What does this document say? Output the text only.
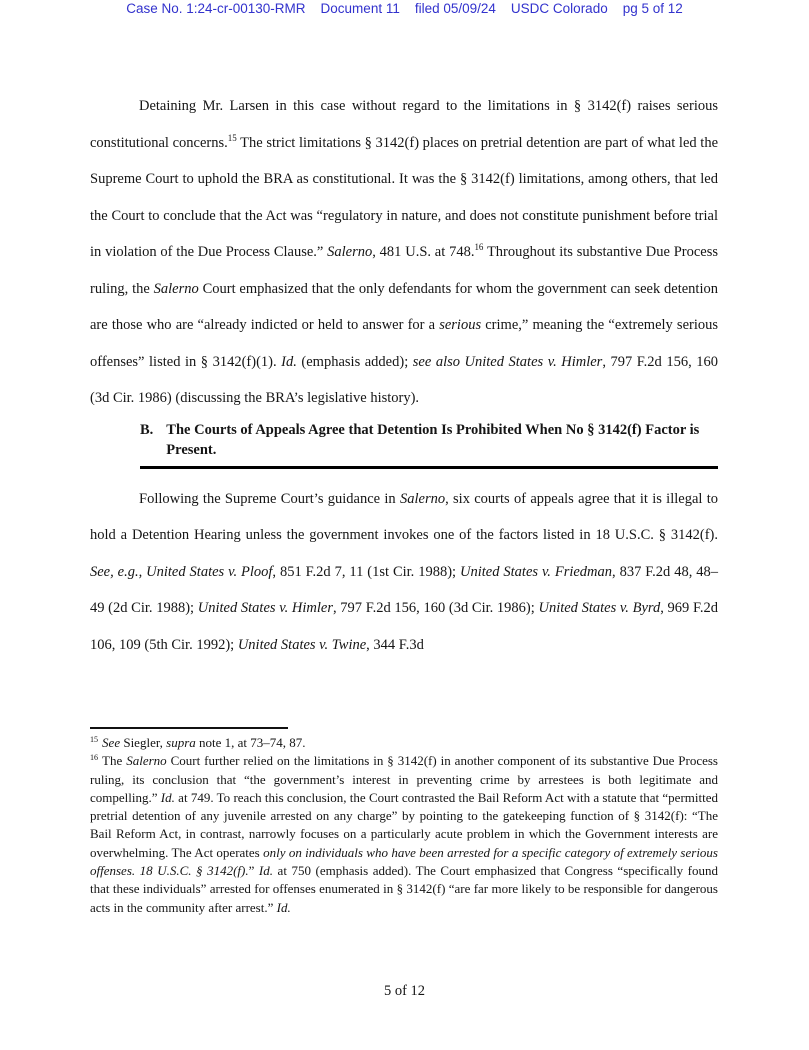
Case No. 1:24-cr-00130-RMR Document 11 filed 05/09/24 USDC Colorado pg 5 of 12

Detaining Mr. Larsen in this case without regard to the limitations in § 3142(f) raises serious constitutional concerns.$^{15}$ The strict limitations § 3142(f) places on pretrial detention are part of what led the Supreme Court to uphold the BRA as constitutional. It was the § 3142(f) limitations, among others, that led the Court to conclude that the Act was “regulatory in nature, and does not constitute punishment before trial in violation of the Due Process Clause.” Salerno, 481 U.S. at 748.16 Throughout its substantive Due Process ruling, the Salerno Court emphasized that the only defendants for whom the government can seek detention are those who are “already indicted or held to answer for a serious crime,” meaning the “extremely serious offenses” listed in § 3142(f)(1). Id. (emphasis added); see also United States v. Himler, 797 F.2d 156, 160 (3d Cir. 1986) (discussing the BRA’s legislative history).

B. The Courts of Appeals Agree that Detention Is Prohibited When No § 3142(f) Factor is Present.

Following the Supreme Court’s guidance in Salerno, six courts of appeals agree that it is illegal to hold a Detention Hearing unless the government invokes one of the factors listed in 18 U.S.C. § 3142(f). See, e.g., United States v. Ploof, 851 F.2d 7, 11 (1st Cir. 1988); United States v. Friedman, 837 F.2d 48, 48–49 (2d Cir. 1988); United States v. Himler, 797 F.2d 156, 160 (3d Cir. 1986); United States v. Byrd, 969 F.2d 106, 109 (5th Cir. 1992); United States v. Twine, 344 F.3d

$^{15}$ See Siegler, supra note 1, at 73–74, 87.

$^{16}$ The Salerno Court further relied on the limitations in § 3142(f) in another component of its substantive Due Process ruling, its conclusion that “the government’s interest in preventing crime by arrestees is both legitimate and compelling.” Id. at 749. To reach this conclusion, the Court contrasted the Bail Reform Act with a statute that “permitted pretrial detention of any juvenile arrested on any charge” by pointing to the gatekeeping function of § 3142(f): “The Bail Reform Act, in contrast, narrowly focuses on a particularly acute problem in which the Government interests are overwhelming. The Act operates only on individuals who have been arrested for a specific category of extremely serious offenses. 18 U.S.C. § 3142(f).” Id. at 750 (emphasis added). The Court emphasized that Congress “specifically found that these individuals” arrested for offenses enumerated in § 3142(f) “are far more likely to be responsible for dangerous acts in the community after arrest.” Id.

5 of 12
